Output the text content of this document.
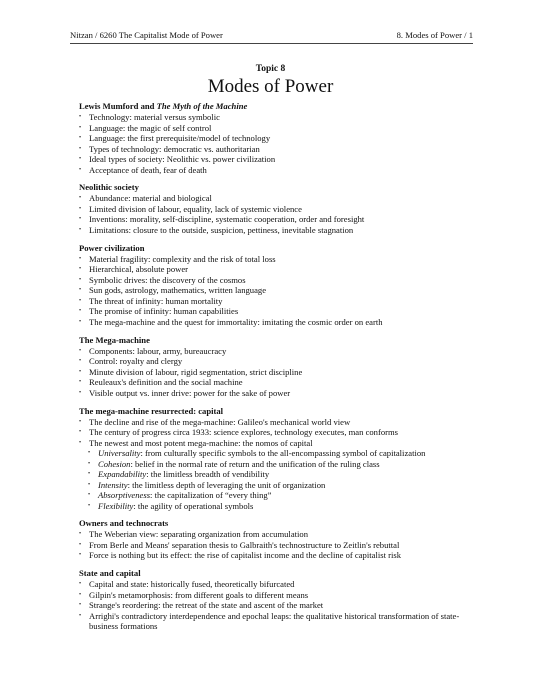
Nitzan / 6260 The Capitalist Mode of Power	8. Modes of Power / 1
Topic 8
Modes of Power
Lewis Mumford and The Myth of the Machine
• Technology: material versus symbolic
• Language: the magic of self control
• Language: the first prerequisite/model of technology
• Types of technology: democratic vs. authoritarian
• Ideal types of society: Neolithic vs. power civilization
• Acceptance of death, fear of death
Neolithic society
• Abundance: material and biological
• Limited division of labour, equality, lack of systemic violence
• Inventions: morality, self-discipline, systematic cooperation, order and foresight
• Limitations: closure to the outside, suspicion, pettiness, inevitable stagnation
Power civilization
• Material fragility: complexity and the risk of total loss
• Hierarchical, absolute power
• Symbolic drives: the discovery of the cosmos
• Sun gods, astrology, mathematics, written language
• The threat of infinity: human mortality
• The promise of infinity: human capabilities
• The mega-machine and the quest for immortality: imitating the cosmic order on earth
The Mega-machine
• Components: labour, army, bureaucracy
• Control: royalty and clergy
• Minute division of labour, rigid segmentation, strict discipline
• Reuleaux's definition and the social machine
• Visible output vs. inner drive: power for the sake of power
The mega-machine resurrected: capital
• The decline and rise of the mega-machine: Galileo's mechanical world view
• The century of progress circa 1933: science explores, technology executes, man conforms
• The newest and most potent mega-machine: the nomos of capital
• Universality: from culturally specific symbols to the all-encompassing symbol of capitalization
• Cohesion: belief in the normal rate of return and the unification of the ruling class
• Expandability: the limitless breadth of vendibility
• Intensity: the limitless depth of leveraging the unit of organization
• Absorptiveness: the capitalization of “every thing”
• Flexibility: the agility of operational symbols
Owners and technocrats
• The Weberian view: separating organization from accumulation
• From Berle and Means' separation thesis to Galbraith's technostructure to Zeitlin's rebuttal
• Force is nothing but its effect: the rise of capitalist income and the decline of capitalist risk
State and capital
• Capital and state: historically fused, theoretically bifurcated
• Gilpin's metamorphosis: from different goals to different means
• Strange's reordering: the retreat of the state and ascent of the market
• Arrighi's contradictory interdependence and epochal leaps: the qualitative historical transformation of state-business formations
